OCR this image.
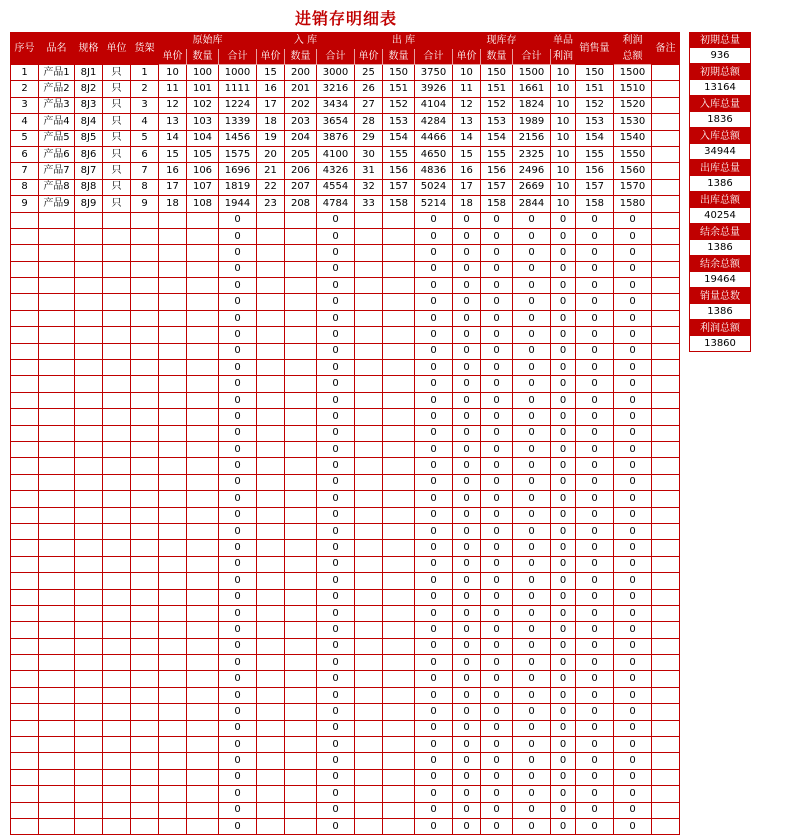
进销存明细表
序号	品名	规格	单位	货架	原始库			入 库			出 库			现库存			单品	销售量	利润	备注
					单价	数量	合计	单价	数量	合计	单价	数量	合计	单价	数量	合计	利润		总额	
1	产品1	8J1	只	1	10	100	1000	15	200	3000	25	150	3750	10	150	1500	10	150	1500	
2	产品2	8J2	只	2	11	101	1111	16	201	3216	26	151	3926	11	151	1661	10	151	1510	
3	产品3	8J3	只	3	12	102	1224	17	202	3434	27	152	4104	12	152	1824	10	152	1520	
4	产品4	8J4	只	4	13	103	1339	18	203	3654	28	153	4284	13	153	1989	10	153	1530	
5	产品5	8J5	只	5	14	104	1456	19	204	3876	29	154	4466	14	154	2156	10	154	1540	
6	产品6	8J6	只	6	15	105	1575	20	205	4100	30	155	4650	15	155	2325	10	155	1550	
7	产品7	8J7	只	7	16	106	1696	21	206	4326	31	156	4836	16	156	2496	10	156	1560	
8	产品8	8J8	只	8	17	107	1819	22	207	4554	32	157	5024	17	157	2669	10	157	1570	
9	产品9	8J9	只	9	18	108	1944	23	208	4784	33	158	5214	18	158	2844	10	158	1580	
							0			0			0	0	0	0	0	0	0	
							0			0			0	0	0	0	0	0	0	
							0			0			0	0	0	0	0	0	0	
							0			0			0	0	0	0	0	0	0	
							0			0			0	0	0	0	0	0	0	
							0			0			0	0	0	0	0	0	0	
							0			0			0	0	0	0	0	0	0	
							0			0			0	0	0	0	0	0	0	
							0			0			0	0	0	0	0	0	0	
							0			0			0	0	0	0	0	0	0	
							0			0			0	0	0	0	0	0	0	
							0			0			0	0	0	0	0	0	0	
							0			0			0	0	0	0	0	0	0	
							0			0			0	0	0	0	0	0	0	
							0			0			0	0	0	0	0	0	0	
							0			0			0	0	0	0	0	0	0	
							0			0			0	0	0	0	0	0	0	
							0			0			0	0	0	0	0	0	0	
							0			0			0	0	0	0	0	0	0	
							0			0			0	0	0	0	0	0	0	
							0			0			0	0	0	0	0	0	0	
							0			0			0	0	0	0	0	0	0	
							0			0			0	0	0	0	0	0	0	
							0			0			0	0	0	0	0	0	0	
							0			0			0	0	0	0	0	0	0	
							0			0			0	0	0	0	0	0	0	
							0			0			0	0	0	0	0	0	0	
							0			0			0	0	0	0	0	0	0	
							0			0			0	0	0	0	0	0	0	
							0			0			0	0	0	0	0	0	0	
							0			0			0	0	0	0	0	0	0	
							0			0			0	0	0	0	0	0	0	
							0			0			0	0	0	0	0	0	0	
							0			0			0	0	0	0	0	0	0	
							0			0			0	0	0	0	0	0	0	
							0			0			0	0	0	0	0	0	0	
							0			0			0	0	0	0	0	0	0	
							0			0			0	0	0	0	0	0	0	
初期总量
936
初期总额
13164
入库总量
1836
入库总额
34944
出库总量
1386
出库总额
40254
结余总量
1386
结余总额
19464
销量总数
1386
利润总额
13860
